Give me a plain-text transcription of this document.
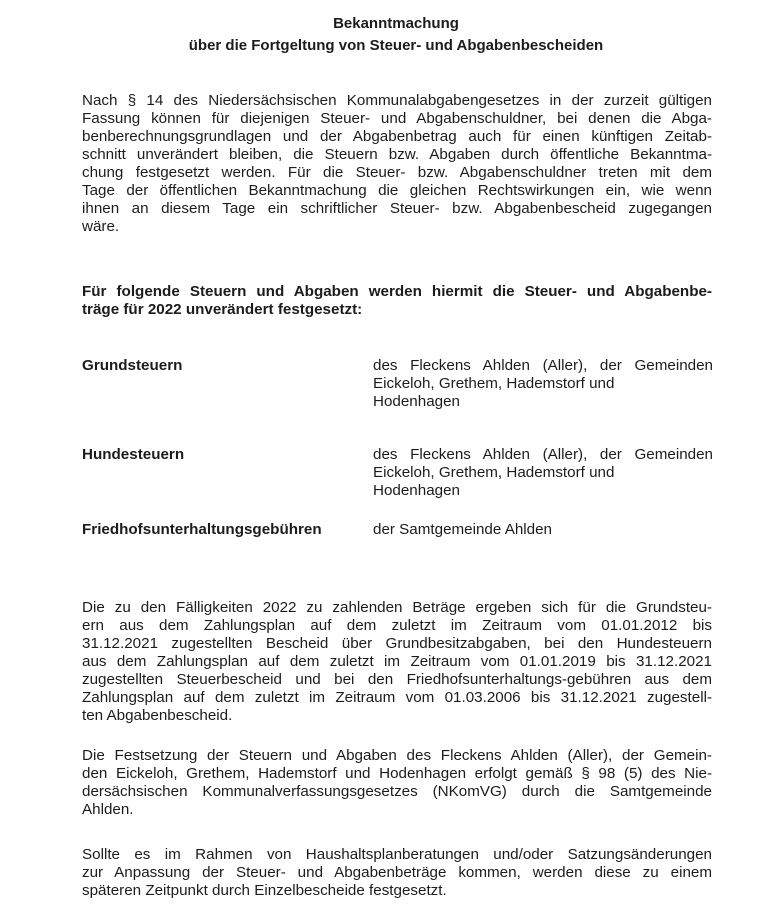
Bekanntmachung
über die Fortgeltung von Steuer- und Abgabenbescheiden
Nach § 14 des Niedersächsischen Kommunalabgabengesetzes in der zurzeit gültigen
Fassung können für diejenigen Steuer- und Abgabenschuldner, bei denen die Abga-
benberechnungsgrundlagen und der Abgabenbetrag auch für einen künftigen Zeitab-
schnitt unverändert bleiben, die Steuern bzw. Abgaben durch öffentliche Bekanntma-
chung festgesetzt werden. Für die Steuer- bzw. Abgabenschuldner treten mit dem
Tage der öffentlichen Bekanntmachung die gleichen Rechtswirkungen ein, wie wenn
ihnen an diesem Tage ein schriftlicher Steuer- bzw. Abgabenbescheid zugegangen
wäre.
Für folgende Steuern und Abgaben werden hiermit die Steuer- und Abgabenbe-
träge für 2022 unverändert festgesetzt:
Grundsteuern	des Fleckens Ahlden (Aller), der Gemeinden
Eickeloh, Grethem, Hademstorf und
Hodenhagen
Hundesteuern	des Fleckens Ahlden (Aller), der Gemeinden
Eickeloh, Grethem, Hademstorf und
Hodenhagen
Friedhofsunterhaltungsgebühren	der Samtgemeinde Ahlden
Die zu den Fälligkeiten 2022 zu zahlenden Beträge ergeben sich für die Grundsteu-
ern aus dem Zahlungsplan auf dem zuletzt im Zeitraum vom 01.01.2012 bis
31.12.2021 zugestellten Bescheid über Grundbesitzabgaben, bei den Hundesteuern
aus dem Zahlungsplan auf dem zuletzt im Zeitraum vom 01.01.2019 bis 31.12.2021
zugestellten Steuerbescheid und bei den Friedhofsunterhaltungs-gebühren aus dem
Zahlungsplan auf dem zuletzt im Zeitraum vom 01.03.2006 bis 31.12.2021 zugestell-
ten Abgabenbescheid.
Die Festsetzung der Steuern und Abgaben des Fleckens Ahlden (Aller), der Gemein-
den Eickeloh, Grethem, Hademstorf und Hodenhagen erfolgt gemäß § 98 (5) des Nie-
dersächsischen Kommunalverfassungsgesetzes (NKomVG) durch die Samtgemeinde
Ahlden.
Sollte es im Rahmen von Haushaltsplanberatungen und/oder Satzungsänderungen
zur Anpassung der Steuer- und Abgabenbeträge kommen, werden diese zu einem
späteren Zeitpunkt durch Einzelbescheide festgesetzt.
